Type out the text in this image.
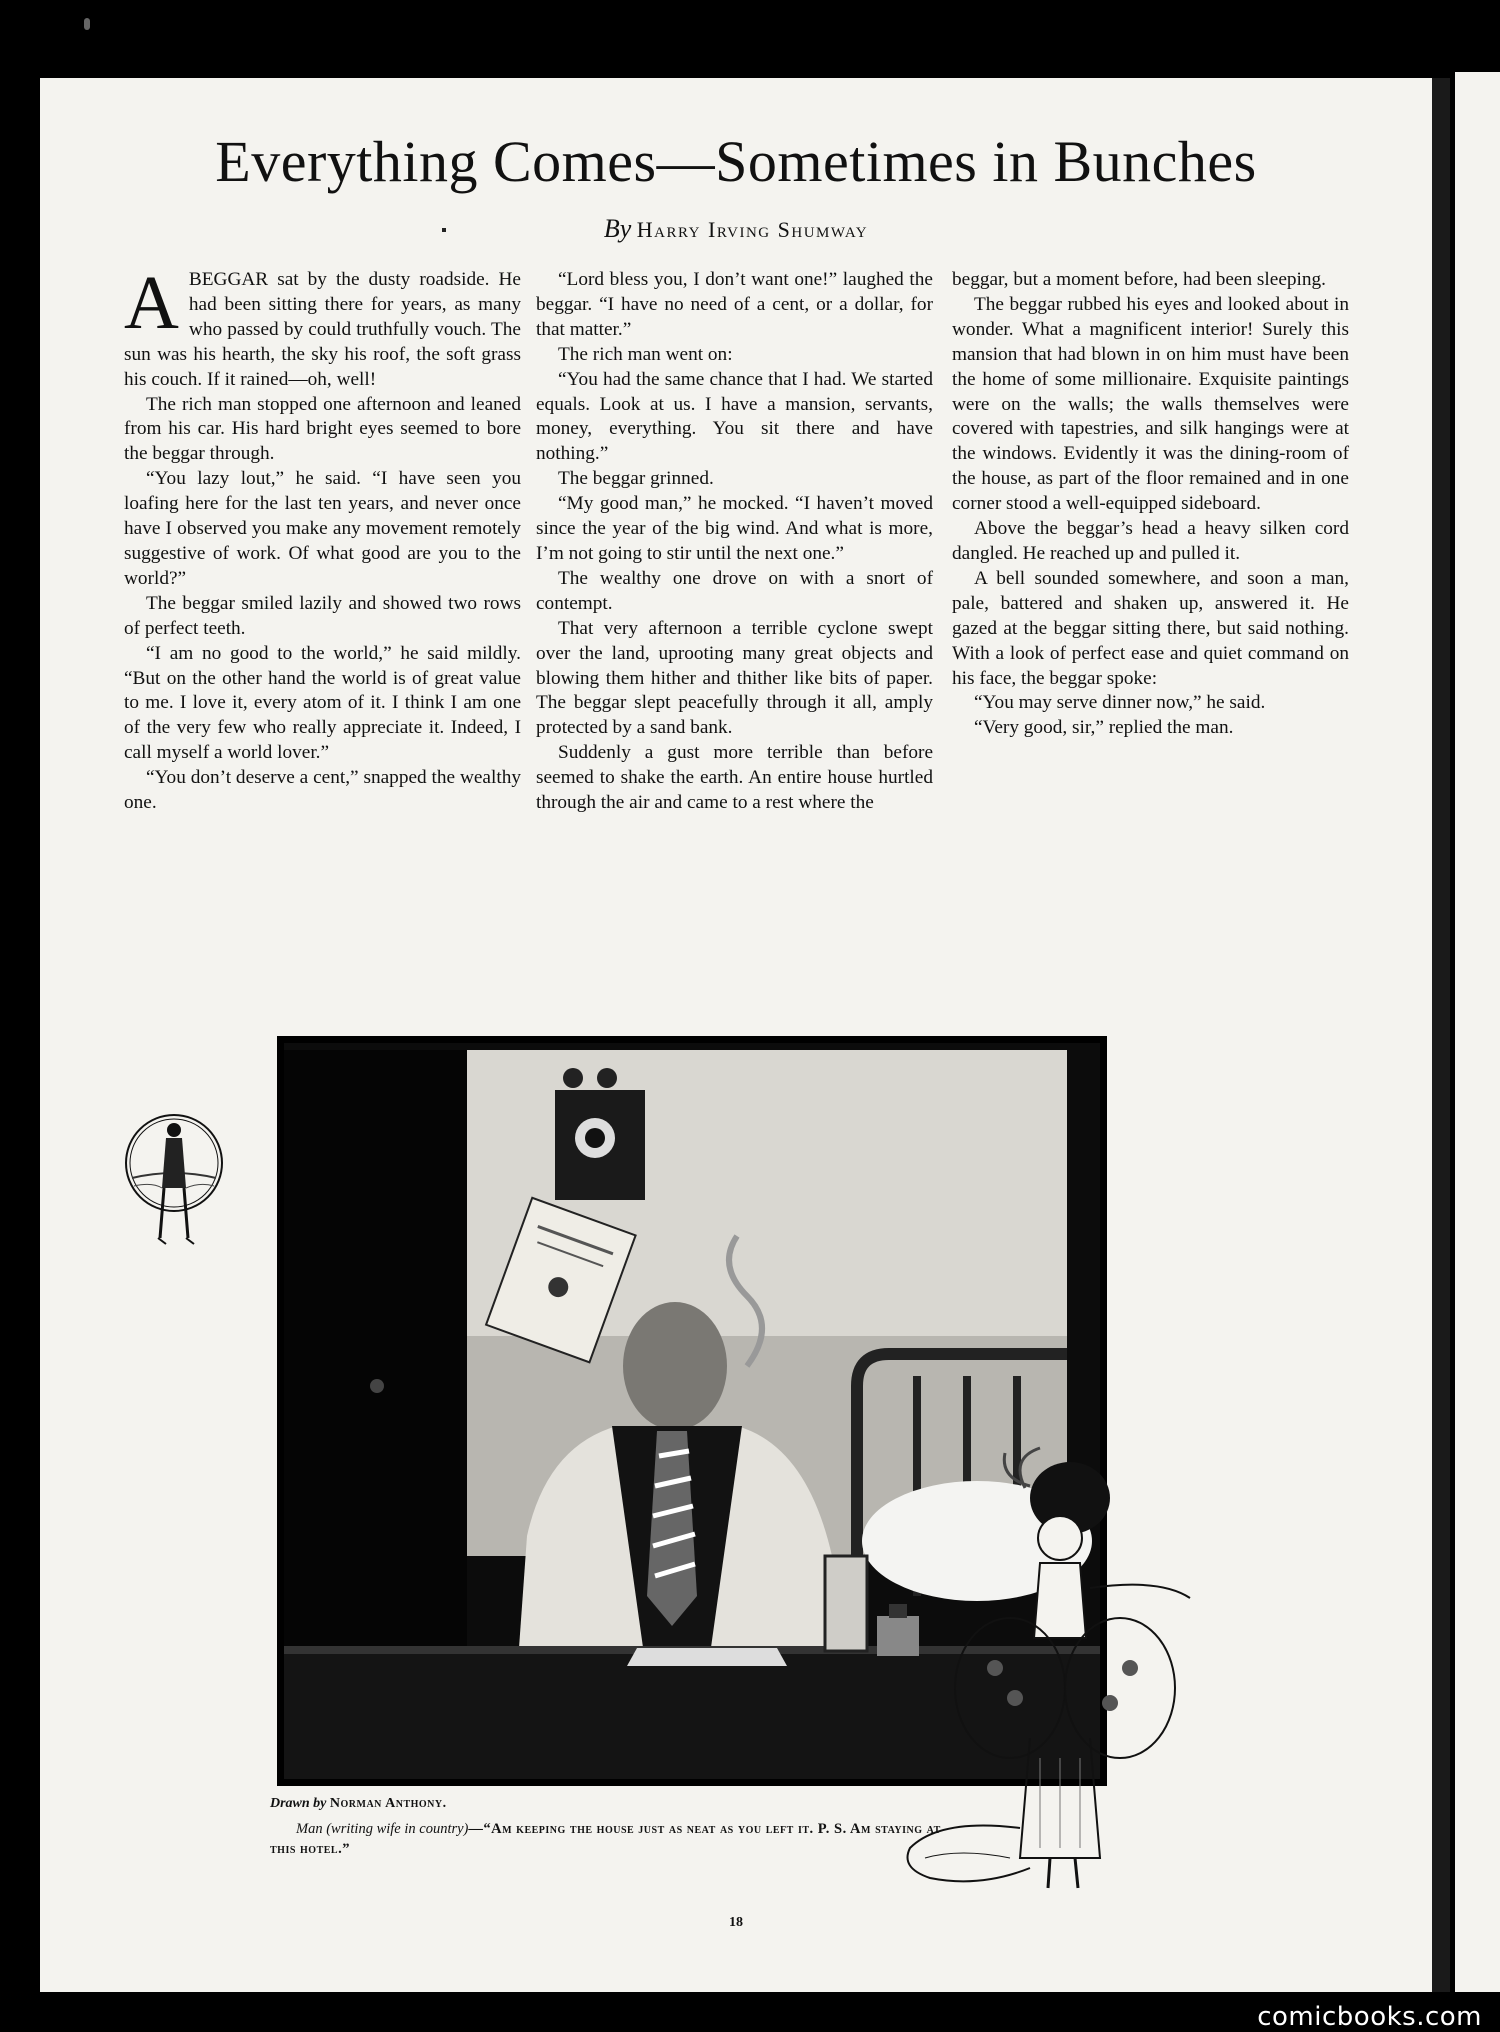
Everything Comes—Sometimes in Bunches
By Harry Irving Shumway

ABEGGAR sat by the dusty roadside. He had been sitting there for years, as many who passed by could truthfully vouch. The sun was his hearth, the sky his roof, the soft grass his couch. If it rained—oh, well!

The rich man stopped one afternoon and leaned from his car. His hard bright eyes seemed to bore the beggar through.

“You lazy lout,” he said. “I have seen you loafing here for the last ten years, and never once have I observed you make any movement remotely suggestive of work. Of what good are you to the world?”

The beggar smiled lazily and showed two rows of perfect teeth.

“I am no good to the world,” he said mildly. “But on the other hand the world is of great value to me. I love it, every atom of it. I think I am one of the very few who really appreciate it. Indeed, I call myself a world lover.”

“You don’t deserve a cent,” snapped the wealthy one.

“Lord bless you, I don’t want one!” laughed the beggar. “I have no need of a cent, or a dollar, for that matter.”

The rich man went on:

“You had the same chance that I had. We started equals. Look at us. I have a mansion, servants, money, everything. You sit there and have nothing.”

The beggar grinned.

“My good man,” he mocked. “I haven’t moved since the year of the big wind. And what is more, I’m not going to stir until the next one.”

The wealthy one drove on with a snort of contempt.

That very afternoon a terrible cyclone swept over the land, uprooting many great objects and blowing them hither and thither like bits of paper. The beggar slept peacefully through it all, amply protected by a sand bank.

Suddenly a gust more terrible than before seemed to shake the earth. An entire house hurtled through the air and came to a rest where the

beggar, but a moment before, had been sleeping.

The beggar rubbed his eyes and looked about in wonder. What a magnificent interior! Surely this mansion that had blown in on him must have been the home of some millionaire. Exquisite paintings were on the walls; the walls themselves were covered with tapestries, and silk hangings were at the windows. Evidently it was the dining-room of the house, as part of the floor remained and in one corner stood a well-equipped sideboard.

Above the beggar’s head a heavy silken cord dangled. He reached up and pulled it.

A bell sounded somewhere, and soon a man, pale, battered and shaken up, answered it. He gazed at the beggar sitting there, but said nothing. With a look of perfect ease and quiet command on his face, the beggar spoke:

“You may serve dinner now,” he said.

“Very good, sir,” replied the man.

Drawn by Norman Anthony.
Man (writing wife in country)—“Am keeping the house just as neat as you left it. P. S. Am staying at this hotel.”
18
comicbooks.com
